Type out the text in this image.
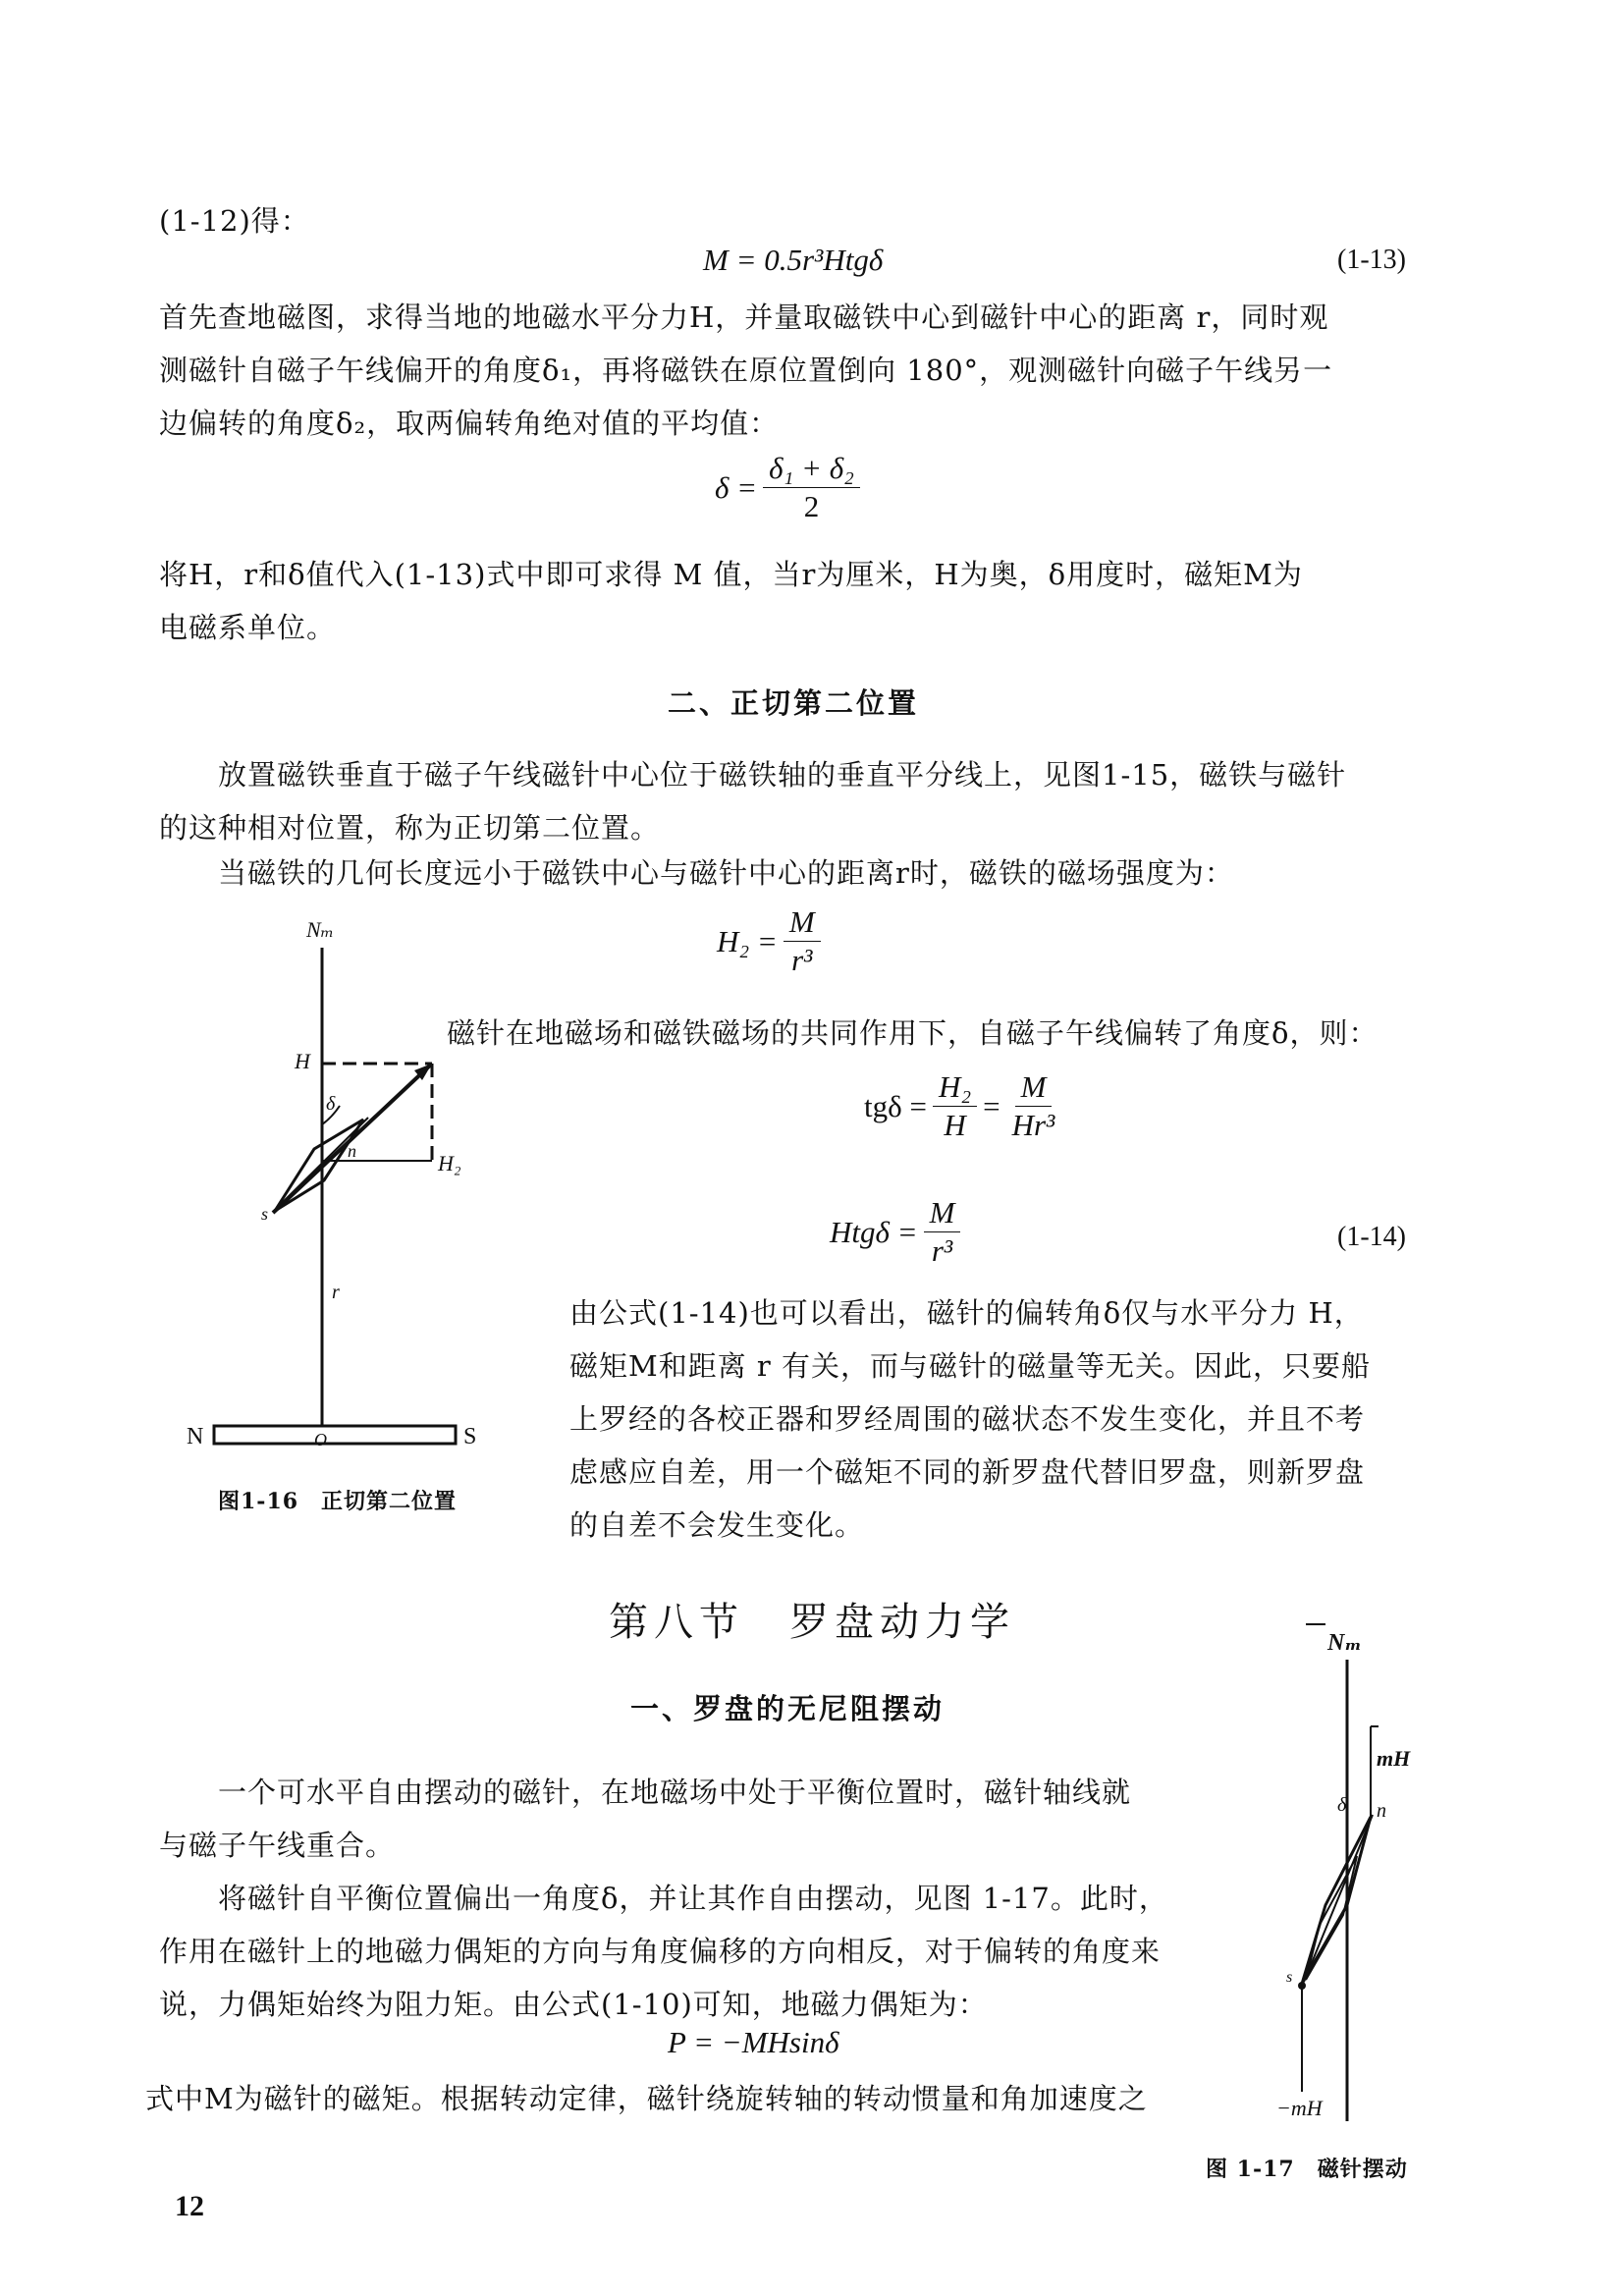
(1-12)得：
M = 0.5r³Htgδ	(1-13)
首先查地磁图，求得当地的地磁水平分力H，并量取磁铁中心到磁针中心的距离 r，同时观
测磁针自磁子午线偏开的角度δ₁，再将磁铁在原位置倒向 180°，观测磁针向磁子午线另一
边偏转的角度δ₂，取两偏转角绝对值的平均值：
$\delta = \frac{\text{δ₁ + δ₂}}{2}$
将H，r和δ值代入(1-13)式中即可求得 M 值，当r为厘米，H为奥，δ用度时，磁矩M为
电磁系单位。
二、正切第二位置
放置磁铁垂直于磁子午线磁针中心位于磁铁轴的垂直平分线上，见图1-15，磁铁与磁针
的这种相对位置，称为正切第二位置。
当磁铁的几何长度远小于磁铁中心与磁针中心的距离r时，磁铁的磁场强度为：
$H_2 = \frac{M}{\text{r³}}$
磁针在地磁场和磁铁磁场的共同作用下，自磁子午线偏转了角度δ，则：
$tg\delta = \frac{\text{H₂}}{H} = \frac{M}{\text{Hr³}}$
$Htg\delta = \frac{M}{\text{r³}}$	(1-14)
由公式(1-14)也可以看出，磁针的偏转角δ仅与水平分力 H，
磁矩M和距离 r 有关，而与磁针的磁量等无关。因此，只要船
上罗经的各校正器和罗经周围的磁状态不发生变化，并且不考
虑感应自差，用一个磁矩不同的新罗盘代替旧罗盘，则新罗盘
的自差不会发生变化。
Nₘ
H
H₂
δ
n
s
r
N	O	S
图1-16　正切第二位置
第八节　罗盘动力学
一、罗盘的无尼阻摆动
一个可水平自由摆动的磁针，在地磁场中处于平衡位置时，磁针轴线就
与磁子午线重合。
将磁针自平衡位置偏出一角度δ，并让其作自由摆动，见图 1-17。此时，
作用在磁针上的地磁力偶矩的方向与角度偏移的方向相反，对于偏转的角度来
说，力偶矩始终为阻力矩。由公式(1-10)可知，地磁力偶矩为：
P = −MHsinδ
式中M为磁针的磁矩。根据转动定律，磁针绕旋转轴的转动惯量和角加速度之
Nₘ
mH
δ n
s
−mH
图 1-17　磁针摆动
12
